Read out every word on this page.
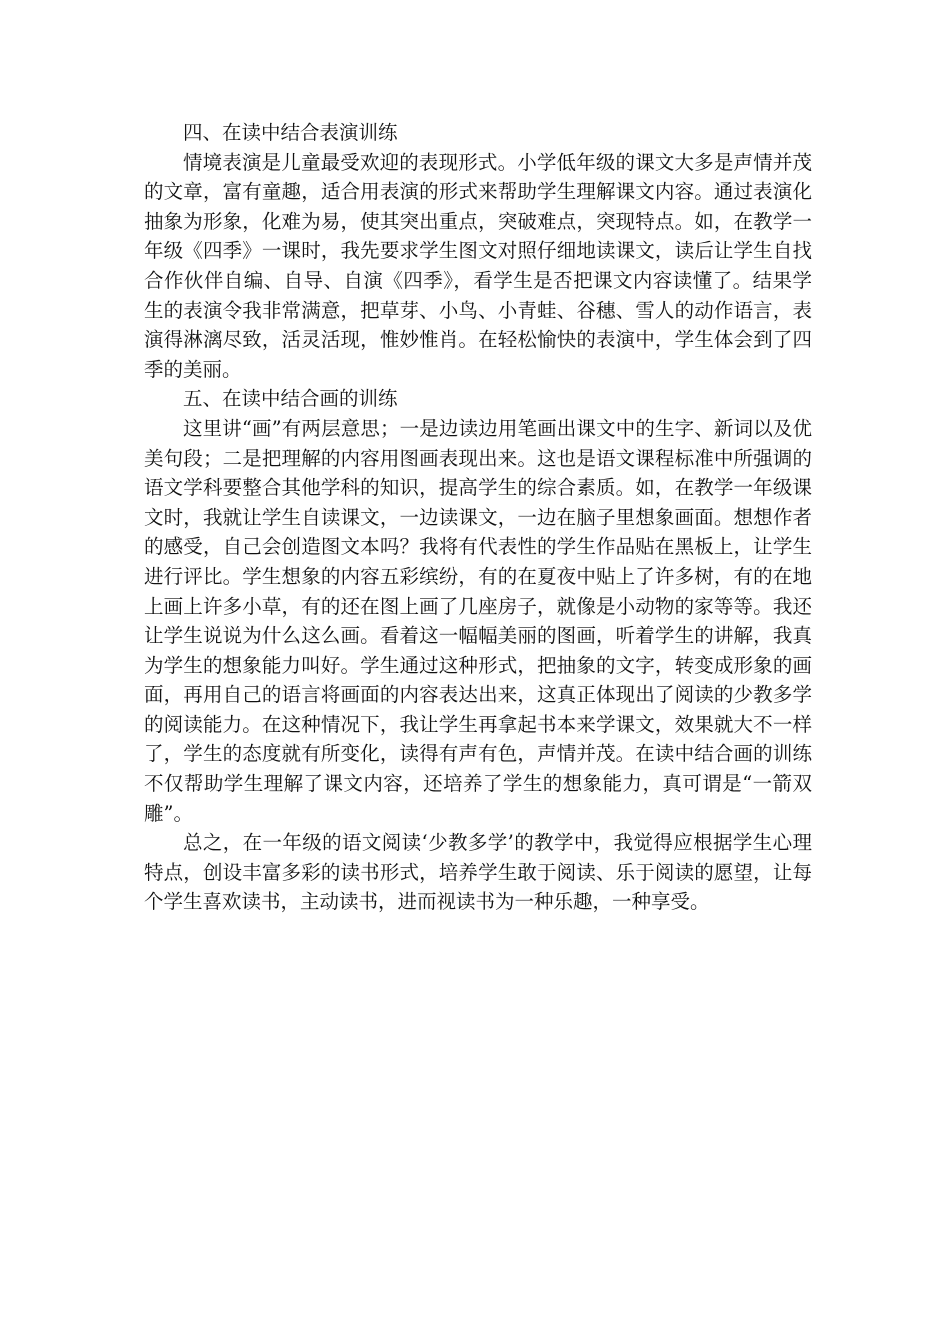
四、在读中结合表演训练

情境表演是儿童最受欢迎的表现形式。小学低年级的课文大多是声情并茂的文章，富有童趣，适合用表演的形式来帮助学生理解课文内容。通过表演化抽象为形象，化难为易，使其突出重点，突破难点，突现特点。如，在教学一年级《四季》一课时，我先要求学生图文对照仔细地读课文，读后让学生自找合作伙伴自编、自导、自演《四季》，看学生是否把课文内容读懂了。结果学生的表演令我非常满意，把草芽、小鸟、小青蛙、谷穗、雪人的动作语言，表演得淋漓尽致，活灵活现，惟妙惟肖。在轻松愉快的表演中，学生体会到了四季的美丽。

五、在读中结合画的训练

这里讲“画”有两层意思；一是边读边用笔画出课文中的生字、新词以及优美句段；二是把理解的内容用图画表现出来。这也是语文课程标准中所强调的语文学科要整合其他学科的知识，提高学生的综合素质。如，在教学一年级课文时，我就让学生自读课文，一边读课文，一边在脑子里想象画面。想想作者的感受，自己会创造图文本吗？我将有代表性的学生作品贴在黑板上，让学生进行评比。学生想象的内容五彩缤纷，有的在夏夜中贴上了许多树，有的在地上画上许多小草，有的还在图上画了几座房子，就像是小动物的家等等。我还让学生说说为什么这么画。看着这一幅幅美丽的图画，听着学生的讲解，我真为学生的想象能力叫好。学生通过这种形式，把抽象的文字，转变成形象的画面，再用自己的语言将画面的内容表达出来，这真正体现出了阅读的少教多学的阅读能力。在这种情况下，我让学生再拿起书本来学课文，效果就大不一样了，学生的态度就有所变化，读得有声有色，声情并茂。在读中结合画的训练不仅帮助学生理解了课文内容，还培养了学生的想象能力，真可谓是“一箭双雕”。

总之，在一年级的语文阅读‘少教多学’的教学中，我觉得应根据学生心理特点，创设丰富多彩的读书形式，培养学生敢于阅读、乐于阅读的愿望，让每个学生喜欢读书，主动读书，进而视读书为一种乐趣，一种享受。
